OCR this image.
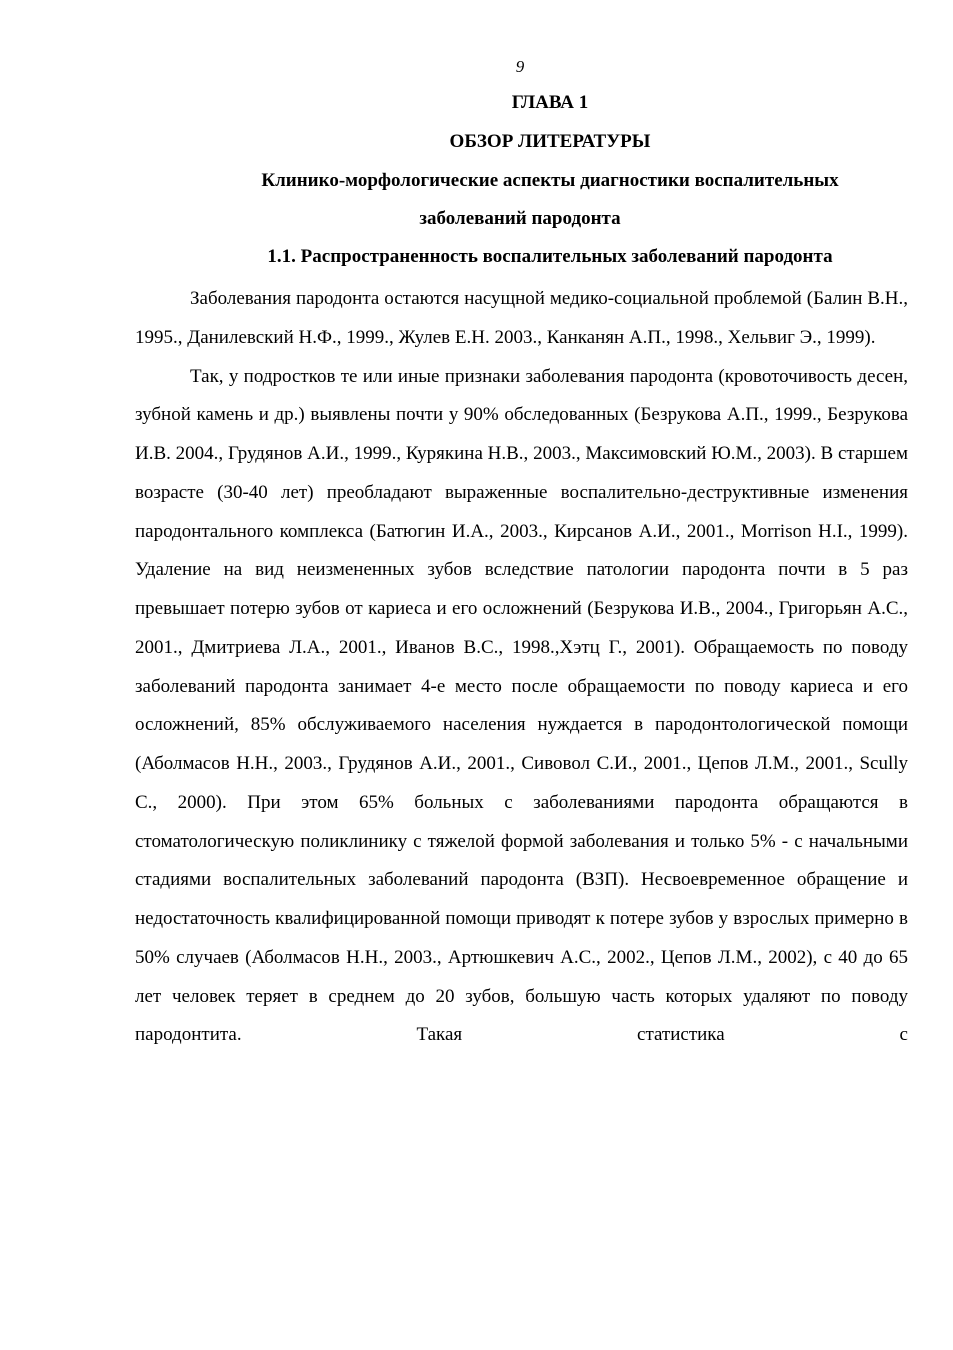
9
ГЛАВА 1
ОБЗОР ЛИТЕРАТУРЫ
Клинико-морфологические аспекты диагностики воспалительных
заболеваний пародонта
1.1. Распространенность воспалительных заболеваний пародонта

Заболевания пародонта остаются насущной медико-социальной проблемой (Балин В.Н., 1995., Данилевский Н.Ф., 1999., Жулев Е.Н. 2003., Канканян А.П., 1998., Хельвиг Э., 1999).

Так, у подростков те или иные признаки заболевания пародонта (кровоточивость десен, зубной камень и др.) выявлены почти у 90% обследованных (Безрукова А.П., 1999., Безрукова И.В. 2004., Грудянов А.И., 1999., Курякина Н.В., 2003., Максимовский Ю.М., 2003). В старшем возрасте (30-40 лет) преобладают выраженные воспалительно-деструктивные изменения пародонтального комплекса (Батюгин И.А., 2003., Кирсанов А.И., 2001., Morrison H.I., 1999). Удаление на вид неизмененных зубов вследствие патологии пародонта почти в 5 раз превышает потерю зубов от кариеса и его осложнений (Безрукова И.В., 2004., Григорьян А.С., 2001., Дмитриева Л.А., 2001., Иванов В.С., 1998.,Хэтц Г., 2001). Обращаемость по поводу заболеваний пародонта занимает 4-е место после обращаемости по поводу кариеса и его осложнений, 85% обслуживаемого населения нуждается в пародонтологической помощи (Аболмасов Н.Н., 2003., Грудянов А.И., 2001., Сивовол С.И., 2001., Цепов Л.М., 2001., Scully C., 2000). При этом 65% больных с заболеваниями пародонта обращаются в стоматологическую поликлинику с тяжелой формой заболевания и только 5% - с начальными стадиями воспалительных заболеваний пародонта (ВЗП). Несвоевременное обращение и недостаточность квалифицированной помощи приводят к потере зубов у взрослых примерно в 50% случаев (Аболмасов Н.Н., 2003., Артюшкевич А.С., 2002., Цепов Л.М., 2002), с 40 до 65 лет человек теряет в среднем до 20 зубов, большую часть которых удаляют по поводу пародонтита. Такая статистика с
